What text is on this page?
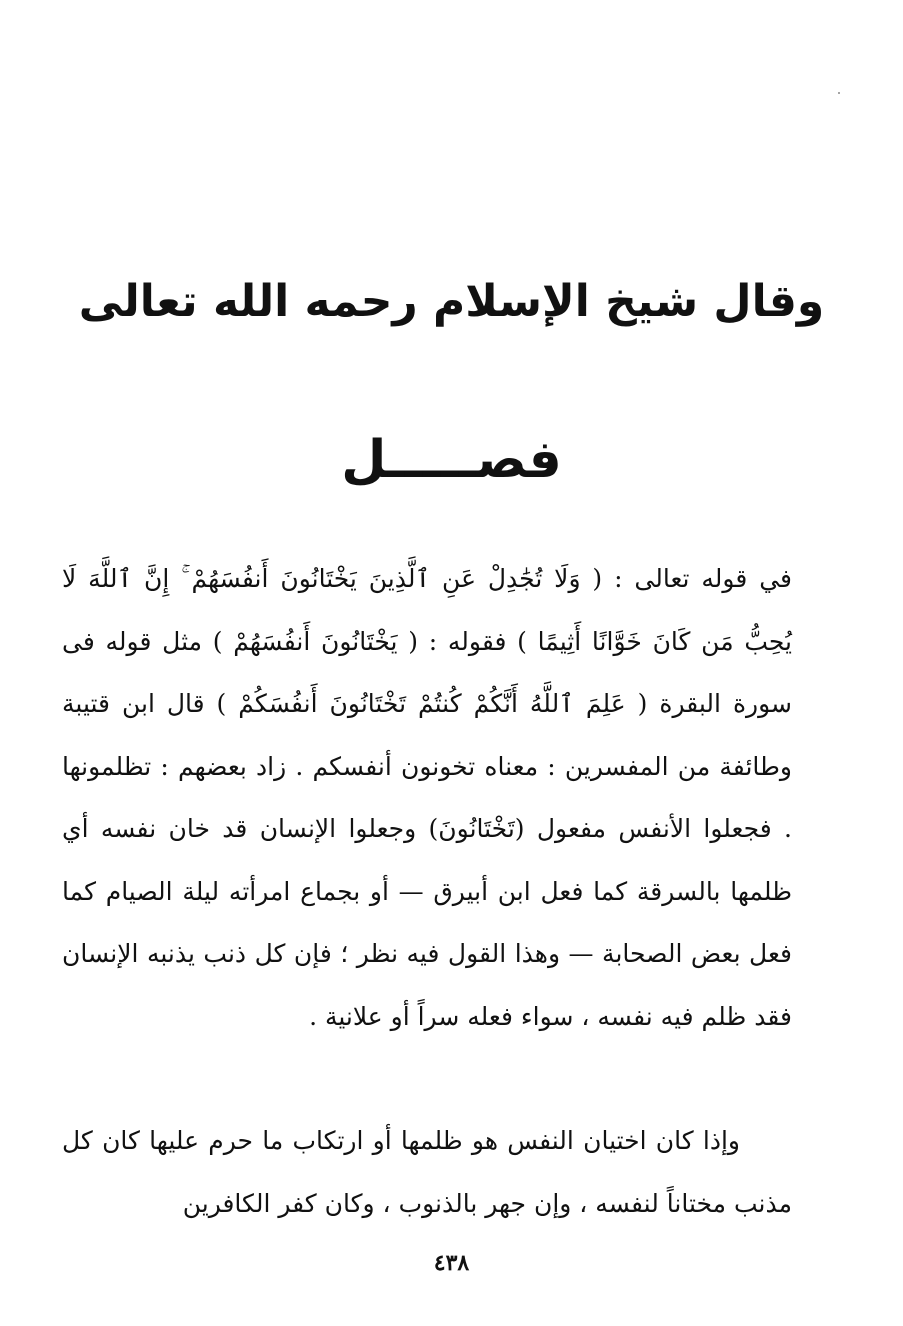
وقال شيخ الإسلام رحمه الله تعالى
فصـــــل

في قوله تعالى : ( وَلَا تُجَٰدِلْ عَنِ ٱلَّذِينَ يَخْتَانُونَ أَنفُسَهُمْ ۚ إِنَّ ٱللَّهَ لَا يُحِبُّ مَن كَانَ خَوَّانًا أَثِيمًا ) فقوله : ( يَخْتَانُونَ أَنفُسَهُمْ ) مثل قوله فى سورة البقرة ( عَلِمَ ٱللَّهُ أَنَّكُمْ كُنتُمْ تَخْتَانُونَ أَنفُسَكُمْ ) قال ابن قتيبة وطائفة من المفسرين : معناه تخونون أنفسكم . زاد بعضهم : تظلمونها . فجعلوا الأنفس مفعول (تَخْتَانُونَ) وجعلوا الإنسان قد خان نفسه أي ظلمها بالسرقة كما فعل ابن أبيرق — أو بجماع امرأته ليلة الصيام كما فعل بعض الصحابة — وهذا القول فيه نظر ؛ فإن كل ذنب يذنبه الإنسان فقد ظلم فيه نفسه ، سواء فعله سراً أو علانية .

وإذا كان اختيان النفس هو ظلمها أو ارتكاب ما حرم عليها كان كل مذنب مختاناً لنفسه ، وإن جهر بالذنوب ، وكان كفر الكافرين

٤٣٨
